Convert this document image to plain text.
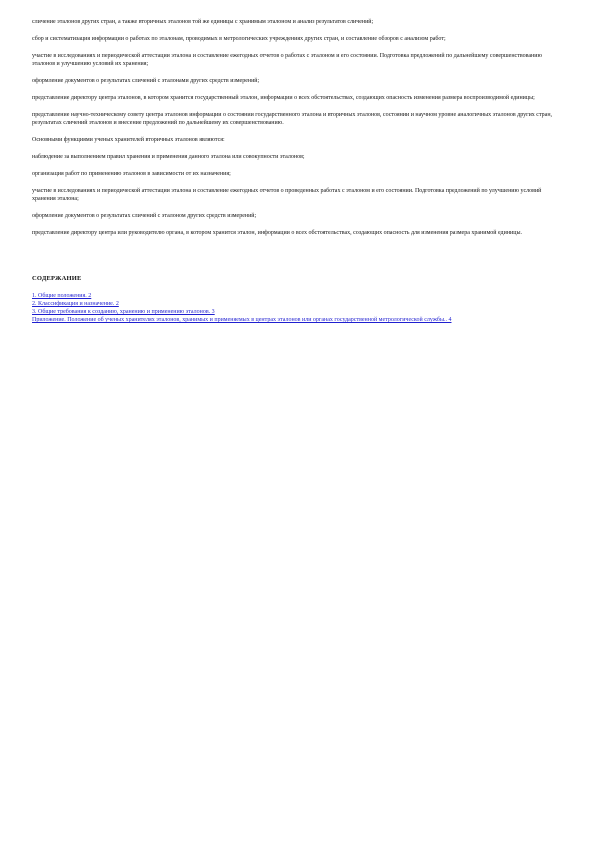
сличение эталонов других стран, а также вторичных эталонов той же единицы с хранимым эталоном и анализ результатов сличений;

сбор и систематизация информации о работах по эталонам, проводимых в метрологических учреждениях других стран, и составление обзоров с анализом работ;

участие в исследованиях и периодической аттестации эталона и составление ежегодных отчетов о работах с эталоном и его состоянии. Подготовка предложений по дальнейшему совершенствованию эталонов и улучшению условий их хранения;

оформление документов о результатах сличений с эталонами других средств измерений;

представление директору центра эталонов, в котором хранится государственный эталон, информации о всех обстоятельствах, создающих опасность изменения размера воспроизводимой единицы;

представление научно-техническому совету центра эталонов информации о состоянии государственного эталона и вторичных эталонов, состоянии и научном уровне аналогичных эталонов других стран, результатах сличений эталонов и внесение предложений по дальнейшему их совершенствованию.

Основными функциями ученых хранителей вторичных эталонов являются:

наблюдение за выполнением правил хранения и применения данного эталона или совокупности эталонов;

организация работ по применению эталонов в зависимости от их назначения;

участие в исследованиях и периодической аттестации эталона и составление ежегодных отчетов о проведенных работах с эталоном и его состоянии. Подготовка предложений по улучшению условий хранения эталона;

оформление документов о результатах сличений с эталоном других средств измерений;

представление директору центра или руководителю органа, в котором хранится эталон, информации о всех обстоятельствах, создающих опасность для изменения размера хранимой единицы.

СОДЕРЖАНИЕ
1. Общие положения. 2
2. Классификация и назначение. 2
3. Общие требования к созданию, хранению и применению эталонов. 3
Приложение. Положение об ученых хранителях эталонов, хранимых и применяемых в центрах эталонов или органах государственной метрологической службы.. 4
